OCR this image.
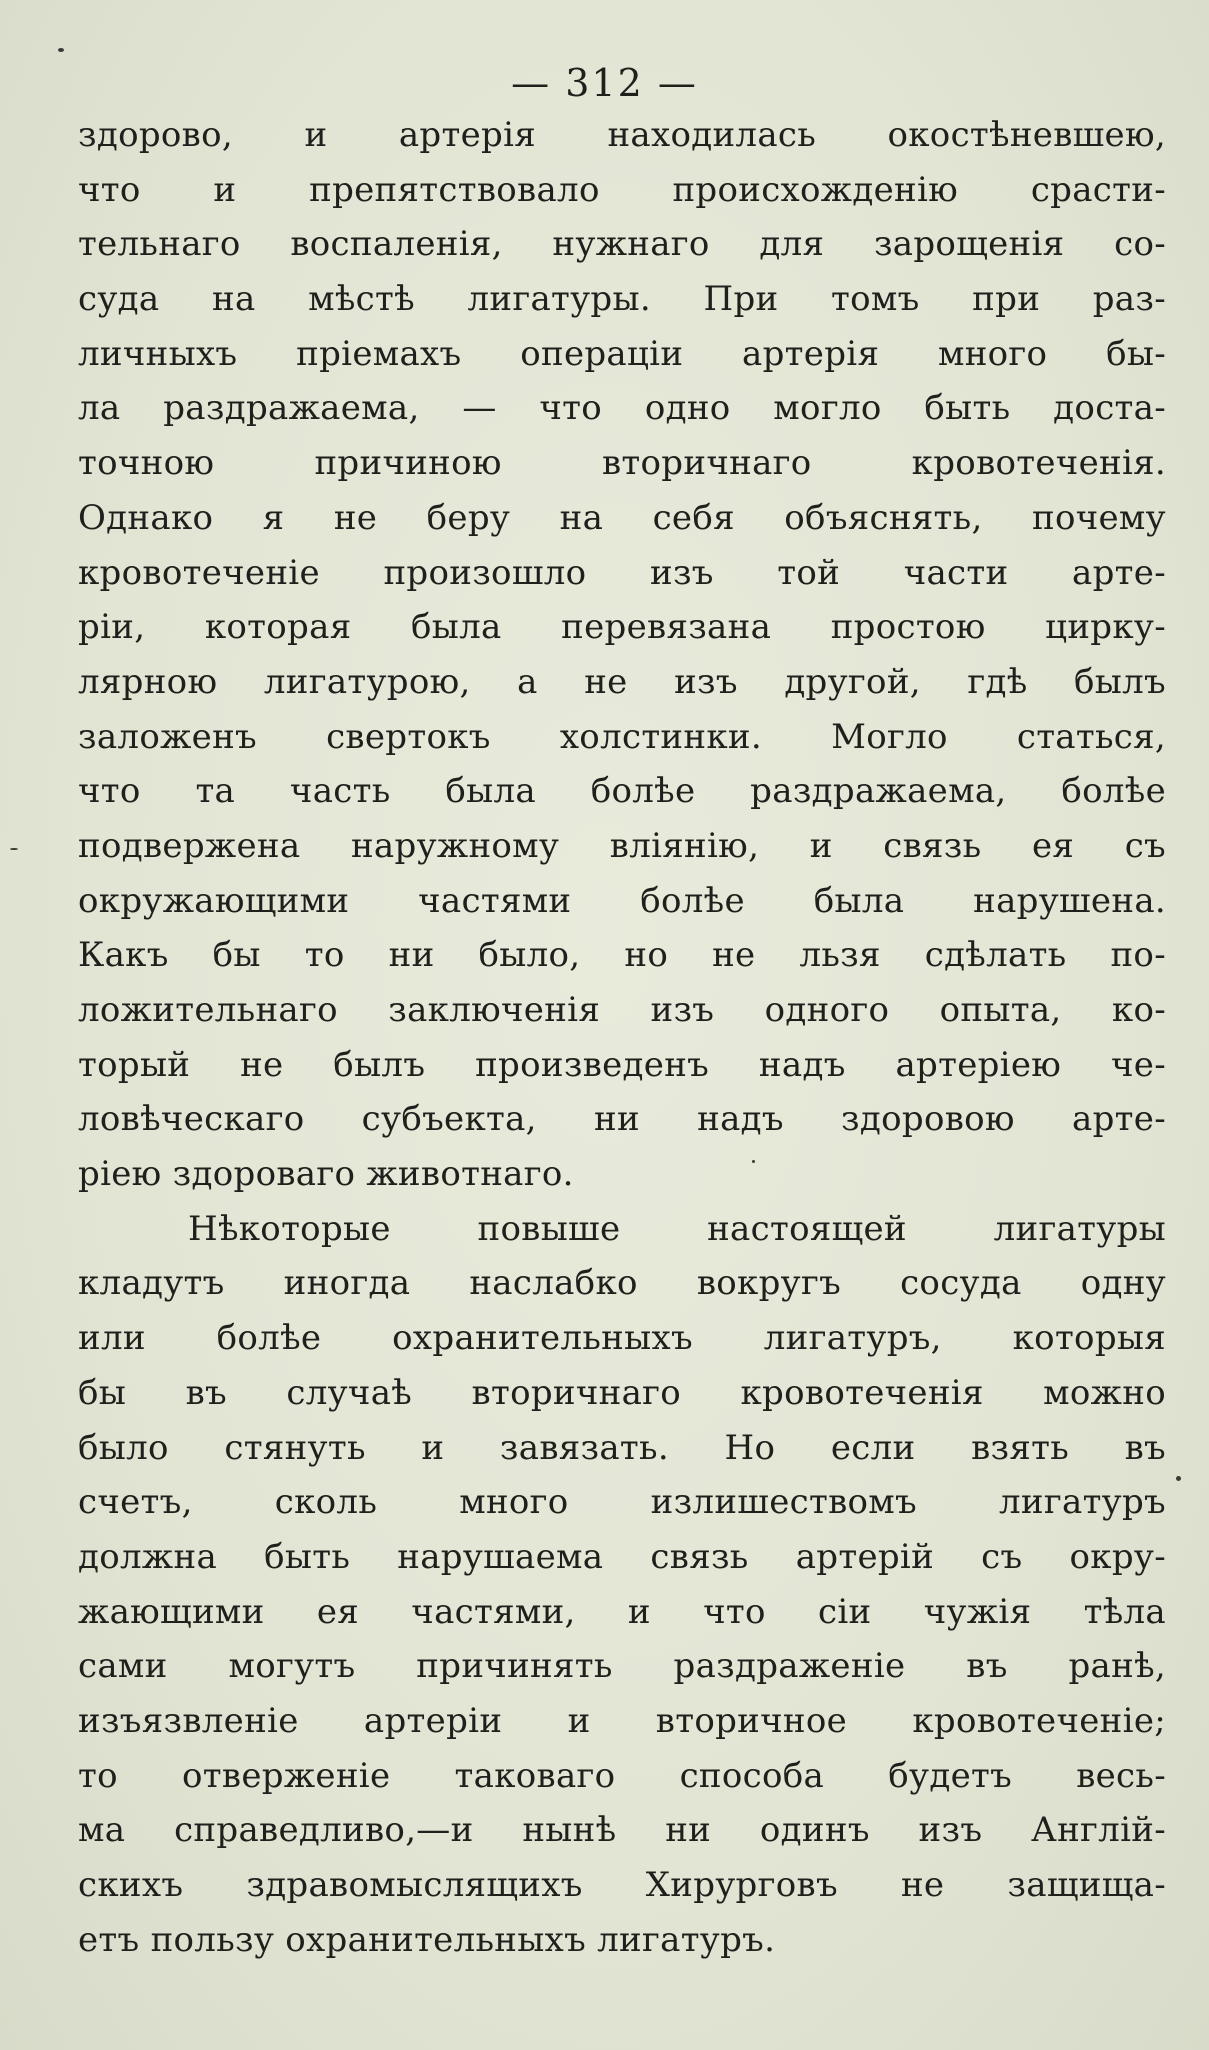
— 312 —
здорово, и артерія находилась окостѣневшею,
что и препятствовало происхожденію срасти-
тельнаго воспаленія, нужнаго для зарощенія со-
суда на мѣстѣ лигатуры. При томъ при раз-
личныхъ пріемахъ операціи артерія много бы-
ла раздражаема, — что одно могло быть доста-
точною причиною вторичнаго кровотеченія.
Однако я не беру на себя объяснять, почему
кровотеченіе произошло изъ той части арте-
ріи, которая была перевязана простою цирку-
лярною лигатурою, а не изъ другой, гдѣ былъ
заложенъ свертокъ холстинки. Могло статься,
что та часть была болѣе раздражаема, болѣе
подвержена наружному вліянію, и связь ея съ
окружающими частями болѣе была нарушена.
Какъ бы то ни было, но не льзя сдѣлать по-
ложительнаго заключенія изъ одного опыта, ко-
торый не былъ произведенъ надъ артеріею че-
ловѣческаго субъекта, ни надъ здоровою арте-
ріею здороваго животнаго.
Нѣкоторые повыше настоящей лигатуры
кладутъ иногда наслабко вокругъ сосуда одну
или болѣе охранительныхъ лигатуръ, которыя
бы въ случаѣ вторичнаго кровотеченія можно
было стянуть и завязать. Но если взять въ
счетъ, сколь много излишествомъ лигатуръ
должна быть нарушаема связь артерій съ окру-
жающими ея частями, и что сіи чужія тѣла
сами могутъ причинять раздраженіе въ ранѣ,
изъязвленіе артеріи и вторичное кровотеченіе;
то отверженіе таковаго способа будетъ весь-
ма справедливо,—и нынѣ ни одинъ изъ Англій-
скихъ здравомыслящихъ Хирурговъ не защища-
етъ пользу охранительныхъ лигатуръ.
